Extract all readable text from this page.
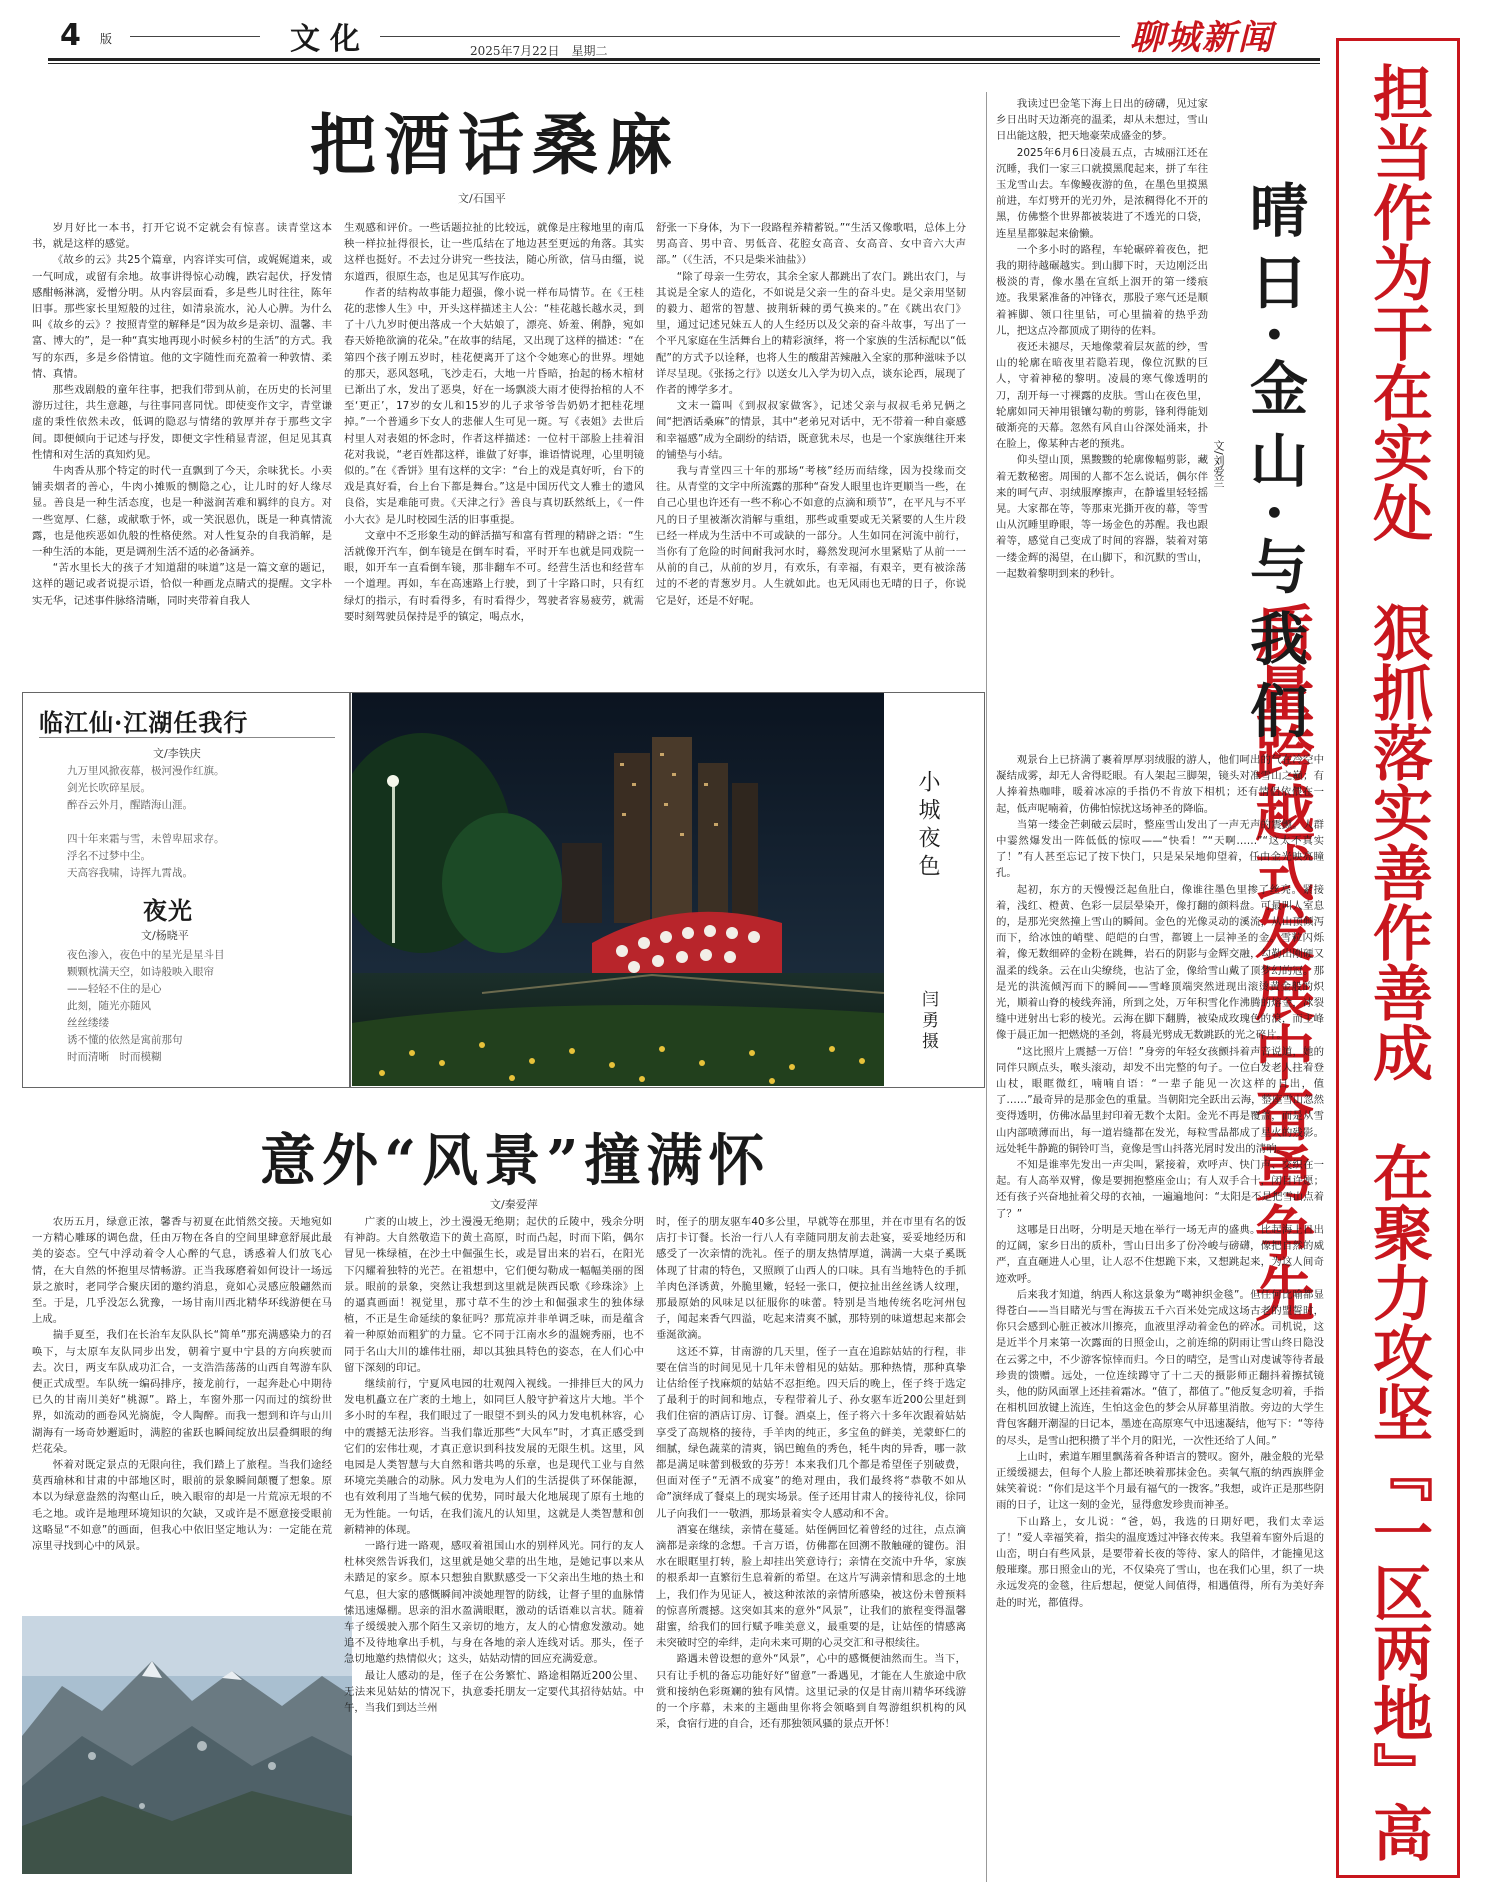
4 版	文化	2025年7月22日　星期二	聊城新闻
担当作为干在实处　狠抓落实善作善成　在聚力攻坚『一区两地』高质量跨越式发展中奋勇争先
把酒话桑麻
文/石国平

岁月好比一本书，打开它说不定就会有惊喜。读青堂这本书，就是这样的感觉。

《故乡的云》共25个篇章，内容详实可信，或娓娓道来，或一气呵成，或留有余地。故事讲得惊心动魄，跌宕起伏，抒发情感酣畅淋漓，爱憎分明。从内容层面看，多是些儿时往往，陈年旧事。那些家长里短般的过往，如清泉流水，沁人心脾。为什么叫《故乡的云》？按照青堂的解释是“因为故乡是亲切、温馨、丰富、博大的”，是一种“真实地再现小时候乡村的生活”的方式。我写的东西，多是乡俗情谊。他的文字随性而充盈着一种敦情、柔情、真情。

那些戏剧般的童年往事，把我们带到从前，在历史的长河里游历过往，共生意趣，与往事同喜同忧。即使变作文字，青堂谦虚的秉性依然未改，低调的隐忍与情绪的敦厚并存于那些文字间。即便倾向于记述与抒发，即便文字性稍显青涩，但足见其真性情和对生活的真知灼见。

牛肉香从那个特定的时代一直飘到了今天，余味犹长。小卖铺卖烟者的善心，牛肉小摊贩的恻隐之心，让儿时的好人缘尽显。善良是一种生活态度，也是一种滋润苦难和羁绊的良方。对一些宽厚、仁慈，或献歌于怀，或一笑泯恩仇，既是一种真情流露，也是他疾恶如仇般的性格使然。对人性复杂的自我消解，是一种生活的本能，更是调剂生活不适的必备涵养。

“苦水里长大的孩子才知道甜的味道”这是一篇文章的题记，这样的题记或者说提示语，恰似一种画龙点睛式的提醒。文字朴实无华，记述事件脉络清晰，同时夹带着自我人

生观感和评价。一些话题拉扯的比较远，就像是庄稼地里的南瓜秧一样拉扯得很长，让一些瓜结在了地边甚至更远的角落。其实这样也挺好。不去过分讲究一些技法，随心所欲，信马由缰，说东道西，很原生态，也足见其写作底功。

作者的结构故事能力超强，像小说一样布局情节。在《王桂花的悲惨人生》中，开头这样描述主人公：“桂花越长越水灵，到了十八九岁时便出落成一个大姑娘了，漂亮、娇羞、俐静，宛如春天娇艳欲滴的花朵。”在故事的结尾，又出现了这样的描述：“在第四个孩子刚五岁时，桂花便离开了这个令她寒心的世界。埋她的那天，恶风怒吼，飞沙走石，大地一片昏暗，抬起的杨木棺材已渐出了水，发出了恶臭，好在一场飘淡大雨才使得抬棺的人不至‘更正’，17岁的女儿和15岁的儿子求爷爷告奶奶才把桂花埋掉。”一个普通乡下女人的悲催人生可见一斑。写《表姐》去世后村里人对表姐的怀念时，作者这样描述：一位村干部脸上挂着泪花对我说，“老百姓都这样，谁做了好事，谁语情说理，心里明镜似的。”在《香饼》里有这样的文字：“台上的戏是真好听，台下的戏是真好看，台上台下都是舞台。”这是中国历代文人雅士的遗风良俗，实是难能可贵。《天津之行》善良与真切跃然纸上，《一件小大衣》是儿时校园生活的旧事重提。

文章中不乏形象生动的鲜活描写和富有哲理的精辟之语：“生活就像开汽车，倒车镜是在倒车时看，平时开车也就是同戏院一眼，如开车一直看倒车镜，那非翻车不可。经营生活也和经营车一个道理。再如，车在高速路上行驶，到了十字路口时，只有红绿灯的指示，有时看得多，有时看得少，驾驶者容易疲劳，就需要时刻驾驶员保持是乎的镇定，喝点水，

舒张一下身体，为下一段路程养精蓄锐。”“生活又像歌唱，总体上分男高音、男中音、男低音、花腔女高音、女高音、女中音六大声部。”（《生活，不只是柴米油盐》）

“除了母亲一生劳农，其余全家人都跳出了农门。跳出农门，与其说是全家人的造化，不如说是父亲一生的奋斗史。是父亲用坚韧的毅力、超常的智慧、披荆斩棘的勇气换来的。”在《跳出农门》里，通过记述兄妹五人的人生经历以及父亲的奋斗故事，写出了一个平凡家庭在生活舞台上的精彩演绎，将一个家族的生活标配以“低配”的方式予以诠释，也将人生的酸甜苦辣融入全家的那种滋味予以详尽呈现。《张扬之行》以送女儿入学为切入点，谈东论西，展现了作者的博学多才。

文末一篇叫《到叔叔家做客》，记述父亲与叔叔毛弟兄俩之间“把酒话桑麻”的情景，其中“老弟兄对话中，无不带着一种自豪感和幸福感”成为全副纷的结语，既意犹未尽，也是一个家族继往开来的铺垫与小结。

我与青堂四三十年的那场“考核”经历而结缘，因为投缘而交往。从青堂的文字中所流露的那种“奋发人眼里也许更顺当一些，在自己心里也许还有一些不称心不如意的点滴和琐节”，在平凡与不平凡的日子里被渐次消解与重组，那些或重要或无关紧要的人生片段已经一样成为生活中不可或缺的一部分。人生如同在河流中前行，当你有了危险的时间耐我河水时，蓦然发现河水里紧贴了从前一一从前的自己，从前的岁月，有欢乐，有幸福，有艰辛，更有被涂荡过的不老的青葱岁月。人生就如此。也无风雨也无晴的日子，你说它是好，还是不好呢。

临江仙·江湖任我行
文/李铁庆
九万里风掀夜幕，极河漫作红旗。
剑光长吹碎星辰。
醉吞云外月，醒踏海山涯。

四十年来霜与雪，未曾卑屈求存。
浮名不过梦中尘。
天高容我啸，诗挥九霄战。
夜光
文/杨晓平
夜色渗入，夜色中的星光是星斗目
颗颗枕满天空，如诗般映入眼帘
——轻轻不住的是心
此刻，随光亦随风
丝丝缕缕
诱不懂的依然是寓前那句
时而清晰　时而模糊
小城夜色
闫勇摄
意外“风景”撞满怀
文/秦爱萍

农历五月，绿意正浓，馨香与初夏在此悄然交接。天地宛如一方精心雕琢的调色盘，任由万物在各自的空间里肆意舒展此最美的姿态。空气中浮动着令人心醉的气息，诱惑着人们放飞心情，在大自然的怀抱里尽情畅游。正当我琢磨着如何设计一场远景之旅时，老同学合聚庆团的邀约消息，竟如心灵感应般翩然而至。于是，几乎没怎么犹豫，一场甘南川西北精华环线游便在马上成。

揣手夏至，我们在长治车友队队长“简单”那充满感染力的召唤下，与太原车友队同步出发，朝着宁夏中宁县的方向疾驶而去。次日，两支车队成功汇合，一支浩浩荡荡的山西自驾游车队便正式成型。车队统一编码排序，接龙前行，一起奔赴心中期待已久的甘南川美好“桃源”。路上，车窗外那一闪而过的缤纷世界，如流动的画卷风光旖旎，令人陶醉。而我一想到和许与山川湖海有一场奇妙邂逅时，满腔的雀跃也瞬间绽放出层叠绸眼的绚烂花朵。

怀着对既定景点的无限向往，我们踏上了旅程。当我们途经莫西瑜林和甘肃的中部地区时，眼前的景象瞬间颠覆了想象。原本以为绿意盎然的沟壑山丘，映入眼帘的却是一片荒凉无垠的不毛之地。或许是地理环境知识的欠缺，又或许是不愿意接受眼前这略显“不如意”的画面，但我心中依旧坚定地认为：一定能在荒凉里寻找到心中的风景。

广袤的山坡上，沙土漫漫无绝期；起伏的丘陵中，残余分明有神韵。大自然敬造下的黄土高原，时而凸起，时而下陷，偶尔冒见一株绿植，在沙土中倔强生长，或是冒出来的岩石，在阳光下闪耀着独特的光芒。在祖想中，它们便勾勒成一幅幅美丽的图景。眼前的景象，突然让我想到这里就是陕西民歌《珍珠涂》上的逼真画面！视觉里，那寸草不生的沙土和倔强求生的独体绿植，不正是生命延续的象征吗？那荒凉并非单调乏味，而是蕴含着一种原始而粗犷的力量。它不同于江南水乡的温婉秀丽，也不同于名山大川的雄伟壮丽，却以其独具特色的姿态，在人们心中留下深刻的印记。

继续前行，宁夏风电园的壮观闯入视线。一排排巨大的风力发电机矗立在广袤的土地上，如同巨人般守护着这片大地。半个多小时的车程，我们眼过了一眼望不到头的风力发电机林容，心中的震撼无法形容。当我们靠近那些“大风车”时，才真正感受到它们的宏伟壮观，才真正意识到科技发展的无限生机。这里，风电园是人类智慧与大自然和谐共鸣的乐章，也是现代工业与自然环境完美融合的动脉。风力发电为人们的生活提供了环保能源，也有效利用了当地气候的优势，同时最大化地展现了原有土地的无为性能。一句话，在我们流凡的认知里，这就是人类智慧和创新精神的体现。

一路行进一路观，感叹着祖国山水的别样风光。同行的友人杜林突然告诉我们，这里就是她父辈的出生地，是她记事以来从未踏足的家乡。原本只想独自默默感受一下父亲出生地的热土和气息，但大家的感慨瞬间冲淡她理智的防线，让督子里的血脉情愫迅速爆棚。思亲的泪水盈满眼眶，激动的话语难以言状。随着车子缓缓驶入那个陌生又亲切的地方，友人的心情愈发激动。她追不及待地拿出手机，与身在各地的亲人连线对话。那头，侄子急切地邀约热情似火；这头，姑姑动情的回应充满爱意。

最让人感动的是，侄子在公务繁忙、路途相隔近200公里、无法来见姑姑的情况下，执意委托朋友一定要代其招待姑姑。中午，当我们到达兰州

时，侄子的朋友驱车40多公里，早就等在那里，并在市里有名的饭店打卡订餐。长治一行八人有幸随同朋友前去赴宴，妥妥地经历和感受了一次亲情的洗礼。侄子的朋友热情厚道，满满一大桌子奚既体现了甘肃的特色，又照顾了山西人的口味。具有当地特色的手抓羊肉色泽诱黄，外脆里嫩，轻轻一张口，便拉扯出丝丝诱人纹理，那最原始的风味足以征服你的味蕾。特别是当地传统名吃河州包子，闻起来香气四溢，吃起来清爽不腻，那特别的味道想起来都会垂涎欲滴。

这还不算，甘南游的几天里，侄子一直在追踪姑姑的行程，非要在信当的时间见见十几年未曾相见的姑姑。那种热情，那种真挚让估给侄子找麻烦的姑姑不忍拒绝。四天后的晚上，侄子终于选定了最利于的时间和地点，专程带着儿子、孙女驱车近200公里赶到我们住宿的酒店订房、订餐。酒桌上，侄子将六十多年次跟着姑姑享受了高规格的接待，手羊肉的纯正，多宝鱼的鲜美，羌蒙虾仁的细腻，绿色蔬菜的清爽，锅巴鲍鱼的秀色，牦牛肉的异香，哪一款都是满足味蕾到极致的芬芳！本来我们几个都是希望侄子别破费，但面对侄子“无酒不成宴”的绝对理由，我们最终将“恭敬不如从命”演绎成了餐桌上的现实场景。侄子还用甘肃人的接待礼仪，徐同儿子向我们一一敬酒，那场景着实令人感动和不舍。

酒宴在继续，亲情在蔓延。姑侄俩回忆着曾经的过往，点点滴滴都是亲缘的念想。千言万语，仿佛都在回溯不散触碰的键伤。泪水在眼眶里打转，脸上却挂出笑意诗行；亲情在交流中升华，家族的根系却一直繁衍生息着新的希望。在这片写满亲情和思念的土地上，我们作为见证人，被这种浓浓的亲情所感染，被这份未曾预料的惊喜所震撼。这突如其来的意外“风景”，让我们的旅程变得温馨甜蜜，给我们的回行赋予唯美意义，最重要的是，让姑侄的情感离未突破时空的牵绊，走向未来可期的心灵交汇和寻根续往。

路遇未曾设想的意外“风景”，心中的感慨便油然而生。当下，只有让手机的备忘功能好好“留意”一番遇见，才能在人生旅途中欣赏和接纳色彩斑斓的独有风情。这里记录的仅是甘南川精华环线游的一个序幕，未来的主题曲里你将会领略到自驾游组织机构的风采，食宿行进的自合，还有那独领风骚的景点开怀！

我读过巴金笔下海上日出的磅礴，见过家乡日出时天边渐亮的温柔，却从未想过，雪山日出能这般，把天地豪荣成盛金的梦。

2025年6月6日凌晨五点，古城丽江还在沉睡，我们一家三口就摸黑爬起来，拼了车往玉龙雪山去。车像鳗夜游的鱼，在墨色里摸黑前进，车灯劈开的光刃外，是浓稠得化不开的黑，仿佛整个世界都被装进了不透光的口袋，连星星都躲起来偷懒。

一个多小时的路程，车轮碾碎着夜色，把我的期待越碾越实。到山脚下时，天边刚泛出极淡的青，像水墨在宣纸上洇开的第一缕痕迹。我果紧准备的冲锋衣，那股子寒气还是顺着裤脚、领口往里钻，可心里揣着的热乎劲儿，把这点冷都顶成了期待的佐料。

夜还未褪尽，天地像蒙着层灰蓝的纱，雪山的轮廓在暗夜里若隐若现，像位沉默的巨人，守着神秘的黎明。凌晨的寒气像透明的刀，刮开每一寸裸露的皮肤。雪山在夜色里，轮廓如同天神用银镶勾勒的剪影，锋利得能划破渐亮的天幕。忽然有风自山谷深处涌来，扑在脸上，像某种古老的预兆。

仰头望山顶，黑黢黢的轮廓像幅剪影，藏着无数秘密。周围的人都不怎么说话，偶尔伴来的呵气声、羽绒服摩擦声，在静谧里轻轻摇晃。大家都在等，等那束光撕开夜的幕，等雪山从沉睡里睁眼，等一场金色的苏醒。我也跟着等，感觉自己变成了时间的容器，装着对第一缕金辉的渴望，在山脚下，和沉默的雪山，一起数着黎明到来的秒针。	晴日·金山·与我们
文/刘爱兰

观景台上已挤满了裹着厚厚羽绒服的游人，他们呵出的气在冷空中凝结成雾，却无人舍得眨眼。有人架起三脚架，镜头对准雪山之巅；有人捧着热咖啡，暖着冰凉的手指仍不肯放下相机；还有情侣依偎在一起，低声呢喃着，仿佛怕惊扰这场神圣的降临。

当第一缕金芒刺破云层时，整座雪山发出了一声无声的震颤。人群中霎然爆发出一阵低低的惊叹——“快看！”“天啊……”“这太不真实了！”有人甚至忘记了按下快门，只是呆呆地仰望着，任由金光映亮瞳孔。

起初，东方的天慢慢泛起鱼肚白，像谁往墨色里掺了丝亮。紧接着，浅红、橙黄、色彩一层层晕染开，像打翻的颜料盘。可最叫人室息的，是那光突然撞上雪山的瞬间。金色的光像灵动的溪流，从山顶倾泻而下，给冰蚀的峭壁、皑皑的白雪，都镀上一层神圣的金。雪粒闪烁着，像无数细碎的金粉在跳舞，岩石的阴影与金辉交融，勾勒出刚硬又温柔的线条。云在山尖缭绕，也沾了金，像给雪山戴了顶梦幻的冠。那是光的洪流倾泻而下的瞬间——雪峰顶端突然迸现出滚烫黄金般的炽光，顺着山脊的棱线奔涌，所到之处，万年积雪化作沸腾的熔金，冰裂缝中迸射出七彩的棱光。云海在脚下翻腾，被染成玫瑰色的浪，而主峰像于晨正加一把燃烧的圣剑，将晨光劈成无数跳跃的光之碎片。

“这比照片上震撼一万倍！”身旁的年轻女孩颤抖着声音说道，她的同伴只顾点头，喉头滚动，却发不出完整的句子。一位白发老人拄着登山杖，眼眶微红，喃喃自语：“一辈子能见一次这样的日出，值了……”最奇异的是那金色的重量。当朝阳完全跃出云海，整座雪山忽然变得透明，仿佛冰晶里封印着无数个太阳。金光不再是覆盖，而是从雪山内部喷薄而出，每一道岩缝都在发光，每粒雪晶都成了星火的残影。远处牦牛静跪的铜铃叮当，竟像是雪山抖落光屑时发出的清响。

不知是谁率先发出一声尖叫，紧接着，欢呼声、快门声、交织在一起。有人高举双臂，像是要拥抱整座金山；有人双手合十，闭目许愿；还有孩子兴奋地扯着父母的衣袖，一遍遍地问：“太阳是不是把雪山点着了？”

这哪是日出呀，分明是天地在举行一场无声的盛典。比起海上日出的辽阔，家乡日出的质朴，雪山日出多了份冷峻与磅礴，像把自然的威严，直直砸进人心里，让人忍不住想跪下来，又想跳起来，为这人间奇迹欢呼。

后来我才知道，纳西人称这景象为“噶神织金毯”。但任何比喻都显得苍白——当目睹光与雪在海拔五千六百米处完成这场古老的盟誓时，你只会感到心脏正被冰川擦亮，血液里浮动着金色的碎冰。司机说，这是近半个月来第一次露面的日照金山，之前连绵的阴雨让雪山终日隐没在云雾之中，不少游客惊悻而归。今日的晴空，是雪山对虔诚等待者最珍贵的馈赠。远处，一位连续蹲守了十二天的摄影师正翻抖着擦拭镜头，他的防风面罩上还挂着霜冰。“值了，都值了。”他反复念叨着，手指在相机回放键上流连，生怕这金色的梦会从屏幕里消散。旁边的大学生背包客翻开潮湿的日记本，墨迹在高原寒气中迅速凝结，他写下：“等待的尽头，是雪山把积攒了半个月的阳光，一次性还给了人间。”

上山时，索道车厢里飘荡着各种语言的赞叹。窗外，融金般的光晕正缓缓褪去，但每个人脸上都还映着那抹金色。卖氧气瓶的纳西族胖金妹笑着说：“你们是这半个月最有福气的一拨客。”我想，或许正是那些阴雨的日子，让这一刻的金光，显得愈发珍贵而神圣。

下山路上，女儿说：“爸，妈，我选的日期好吧，我们太幸运了！”爱人幸福笑着，指尖的温度透过冲锋衣传来。我望着车窗外后退的山峦，明白有些风景，是要带着长夜的等待、家人的陪伴，才能撞见这般璀璨。那日照金山的光，不仅染亮了雪山，也在我们心里，织了一块永远发亮的金毯，往后想起，便觉人间值得，相遇值得，所有为美好奔赴的时光，都值得。
